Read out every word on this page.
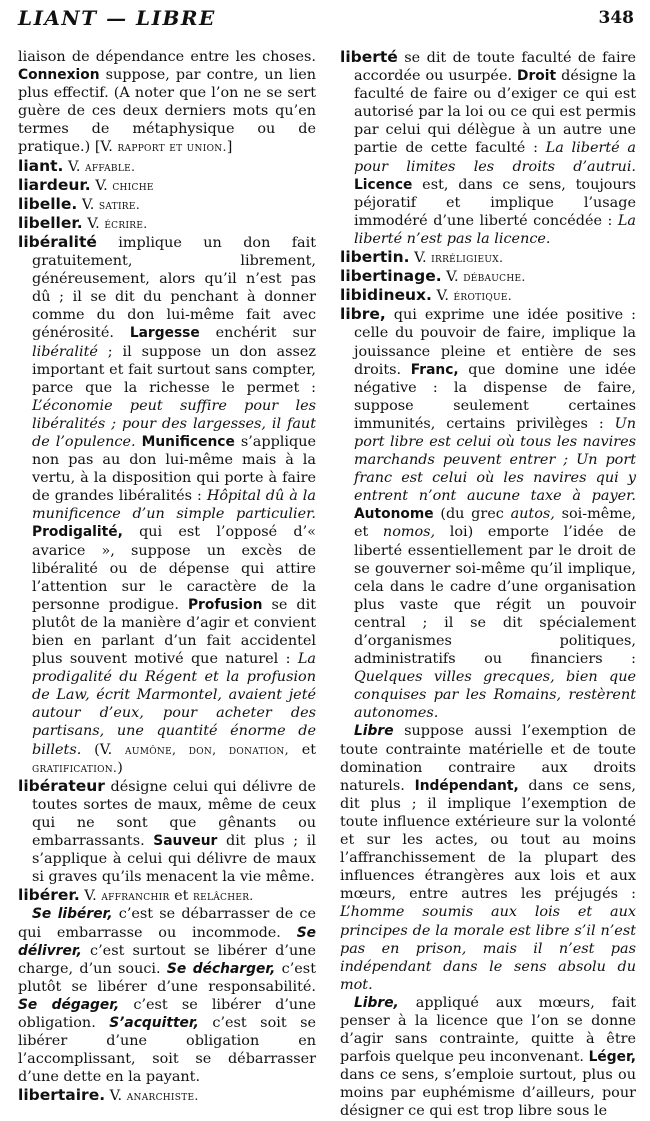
LIANT — LIBRE	348

liaison de dépendance entre les choses. Connexion suppose, par contre, un lien plus effectif. (A noter que l’on ne se sert guère de ces deux derniers mots qu’en termes de métaphysique ou de pratique.) [V. rapport et union.]

liant. V. affable.

liardeur. V. chiche

libelle. V. satire.

libeller. V. écrire.

libéralité implique un don fait gratuitement, librement, généreusement, alors qu’il n’est pas dû ; il se dit du penchant à donner comme du don lui-même fait avec générosité. Largesse enchérit sur libéralité ; il suppose un don assez important et fait surtout sans compter, parce que la richesse le permet : L’économie peut suffire pour les libéralités ; pour des largesses, il faut de l’opulence. Munificence s’applique non pas au don lui-même mais à la vertu, à la disposition qui porte à faire de grandes libéralités : Hôpital dû à la munificence d’un simple particulier. Prodigalité, qui est l’opposé d’« avarice », suppose un excès de libéralité ou de dépense qui attire l’attention sur le caractère de la personne prodigue. Profusion se dit plutôt de la manière d’agir et convient bien en parlant d’un fait accidentel plus souvent motivé que naturel : La prodigalité du Régent et la profusion de Law, écrit Marmontel, avaient jeté autour d’eux, pour acheter des partisans, une quantité énorme de billets. (V. aumône, don, donation, et gratification.)

libérateur désigne celui qui délivre de toutes sortes de maux, même de ceux qui ne sont que gênants ou embarrassants. Sauveur dit plus ; il s’applique à celui qui délivre de maux si graves qu’ils menacent la vie même.

libérer. V. affranchir et relâcher.

Se libérer, c’est se débarrasser de ce qui embarrasse ou incommode. Se délivrer, c’est surtout se libérer d’une charge, d’un souci. Se décharger, c’est plutôt se libérer d’une responsabilité. Se dégager, c’est se libérer d’une obligation. S’acquitter, c’est soit se libérer d’une obligation en l’accomplissant, soit se débarrasser d’une dette en la payant.

libertaire. V. anarchiste.

liberté se dit de toute faculté de faire accordée ou usurpée. Droit désigne la faculté de faire ou d’exiger ce qui est autorisé par la loi ou ce qui est permis par celui qui délègue à un autre une partie de cette faculté : La liberté a pour limites les droits d’autrui. Licence est, dans ce sens, toujours péjoratif et implique l’usage immodéré d’une liberté concédée : La liberté n’est pas la licence.

libertin. V. irréligieux.

libertinage. V. débauche.

libidineux. V. érotique.

libre, qui exprime une idée positive : celle du pouvoir de faire, implique la jouissance pleine et entière de ses droits. Franc, que domine une idée négative : la dispense de faire, suppose seulement certaines immunités, certains privilèges : Un port libre est celui où tous les navires marchands peuvent entrer ; Un port franc est celui où les navires qui y entrent n’ont aucune taxe à payer. Autonome (du grec autos, soi-même, et nomos, loi) emporte l’idée de liberté essentiellement par le droit de se gouverner soi-même qu’il implique, cela dans le cadre d’une organisation plus vaste que régit un pouvoir central ; il se dit spécialement d’organismes politiques, administratifs ou financiers : Quelques villes grecques, bien que conquises par les Romains, restèrent autonomes.

Libre suppose aussi l’exemption de toute contrainte matérielle et de toute domination contraire aux droits naturels. Indépendant, dans ce sens, dit plus ; il implique l’exemption de toute influence extérieure sur la volonté et sur les actes, ou tout au moins l’affranchissement de la plupart des influences étrangères aux lois et aux mœurs, entre autres les préjugés : L’homme soumis aux lois et aux principes de la morale est libre s’il n’est pas en prison, mais il n’est pas indépendant dans le sens absolu du mot.

Libre, appliqué aux mœurs, fait penser à la licence que l’on se donne d’agir sans contrainte, quitte à être parfois quelque peu inconvenant. Léger, dans ce sens, s’emploie surtout, plus ou moins par euphémisme d’ailleurs, pour désigner ce qui est trop libre sous le
